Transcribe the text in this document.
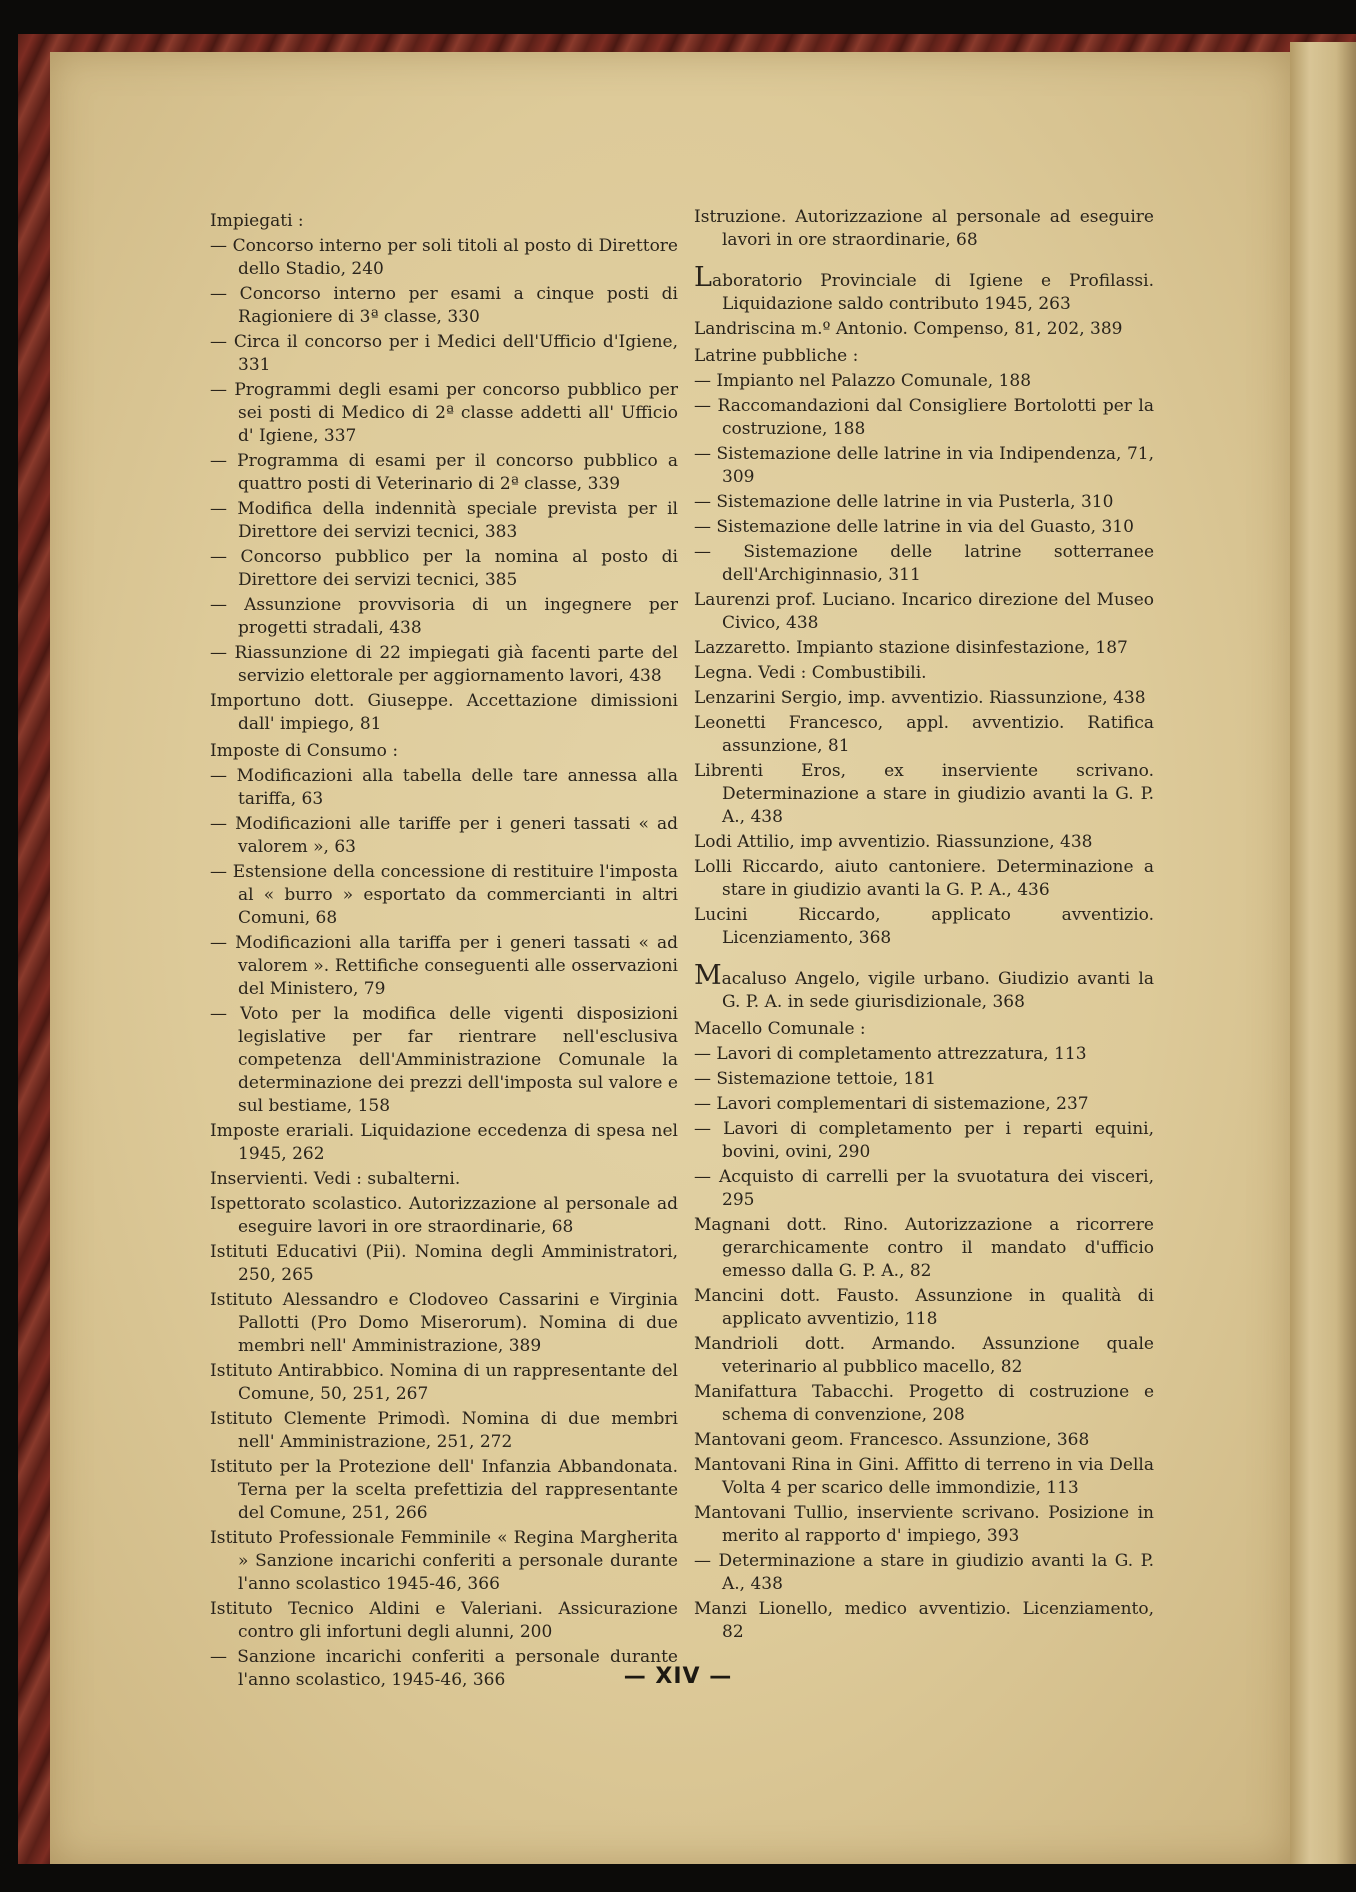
Impiegati :

— Concorso interno per soli titoli al posto di Direttore dello Stadio, 240

— Concorso interno per esami a cinque posti di Ragioniere di 3ª classe, 330

— Circa il concorso per i Medici dell'Ufficio d'Igiene, 331

— Programmi degli esami per concorso pubblico per sei posti di Medico di 2ª classe addetti all' Ufficio d' Igiene, 337

— Programma di esami per il concorso pubblico a quattro posti di Veterinario di 2ª classe, 339

— Modifica della indennità speciale prevista per il Direttore dei servizi tecnici, 383

— Concorso pubblico per la nomina al posto di Direttore dei servizi tecnici, 385

— Assunzione provvisoria di un ingegnere per progetti stradali, 438

— Riassunzione di 22 impiegati già facenti parte del servizio elettorale per aggiornamento lavori, 438

Importuno dott. Giuseppe. Accettazione dimissioni dall' impiego, 81

Imposte di Consumo :

— Modificazioni alla tabella delle tare annessa alla tariffa, 63

— Modificazioni alle tariffe per i generi tassati « ad valorem », 63

— Estensione della concessione di restituire l'imposta al « burro » esportato da commercianti in altri Comuni, 68

— Modificazioni alla tariffa per i generi tassati « ad valorem ». Rettifiche conseguenti alle osservazioni del Ministero, 79

— Voto per la modifica delle vigenti disposizioni legislative per far rientrare nell'esclusiva competenza dell'Amministrazione Comunale la determinazione dei prezzi dell'imposta sul valore e sul bestiame, 158

Imposte erariali. Liquidazione eccedenza di spesa nel 1945, 262

Inservienti. Vedi : subalterni.

Ispettorato scolastico. Autorizzazione al personale ad eseguire lavori in ore straordinarie, 68

Istituti Educativi (Pii). Nomina degli Amministratori, 250, 265

Istituto Alessandro e Clodoveo Cassarini e Virginia Pallotti (Pro Domo Miserorum). Nomina di due membri nell' Amministrazione, 389

Istituto Antirabbico. Nomina di un rappresentante del Comune, 50, 251, 267

Istituto Clemente Primodì. Nomina di due membri nell' Amministrazione, 251, 272

Istituto per la Protezione dell' Infanzia Abbandonata. Terna per la scelta prefettizia del rappresentante del Comune, 251, 266

Istituto Professionale Femminile « Regina Margherita » Sanzione incarichi conferiti a personale durante l'anno scolastico 1945-46, 366

Istituto Tecnico Aldini e Valeriani. Assicurazione contro gli infortuni degli alunni, 200

— Sanzione incarichi conferiti a personale durante l'anno scolastico, 1945-46, 366

Istruzione. Autorizzazione al personale ad eseguire lavori in ore straordinarie, 68

Laboratorio Provinciale di Igiene e Profilassi. Liquidazione saldo contributo 1945, 263

Landriscina m.º Antonio. Compenso, 81, 202, 389

Latrine pubbliche :

— Impianto nel Palazzo Comunale, 188

— Raccomandazioni dal Consigliere Bortolotti per la costruzione, 188

— Sistemazione delle latrine in via Indipendenza, 71, 309

— Sistemazione delle latrine in via Pusterla, 310

— Sistemazione delle latrine in via del Guasto, 310

— Sistemazione delle latrine sotterranee dell'Archiginnasio, 311

Laurenzi prof. Luciano. Incarico direzione del Museo Civico, 438

Lazzaretto. Impianto stazione disinfestazione, 187

Legna. Vedi : Combustibili.

Lenzarini Sergio, imp. avventizio. Riassunzione, 438

Leonetti Francesco, appl. avventizio. Ratifica assunzione, 81

Librenti Eros, ex inserviente scrivano. Determinazione a stare in giudizio avanti la G. P. A., 438

Lodi Attilio, imp avventizio. Riassunzione, 438

Lolli Riccardo, aiuto cantoniere. Determinazione a stare in giudizio avanti la G. P. A., 436

Lucini Riccardo, applicato avventizio. Licenziamento, 368

Macaluso Angelo, vigile urbano. Giudizio avanti la G. P. A. in sede giurisdizionale, 368

Macello Comunale :

— Lavori di completamento attrezzatura, 113

— Sistemazione tettoie, 181

— Lavori complementari di sistemazione, 237

— Lavori di completamento per i reparti equini, bovini, ovini, 290

— Acquisto di carrelli per la svuotatura dei visceri, 295

Magnani dott. Rino. Autorizzazione a ricorrere gerarchicamente contro il mandato d'ufficio emesso dalla G. P. A., 82

Mancini dott. Fausto. Assunzione in qualità di applicato avventizio, 118

Mandrioli dott. Armando. Assunzione quale veterinario al pubblico macello, 82

Manifattura Tabacchi. Progetto di costruzione e schema di convenzione, 208

Mantovani geom. Francesco. Assunzione, 368

Mantovani Rina in Gini. Affitto di terreno in via Della Volta 4 per scarico delle immondizie, 113

Mantovani Tullio, inserviente scrivano. Posizione in merito al rapporto d' impiego, 393

— Determinazione a stare in giudizio avanti la G. P. A., 438

Manzi Lionello, medico avventizio. Licenziamento, 82

— XIV —
